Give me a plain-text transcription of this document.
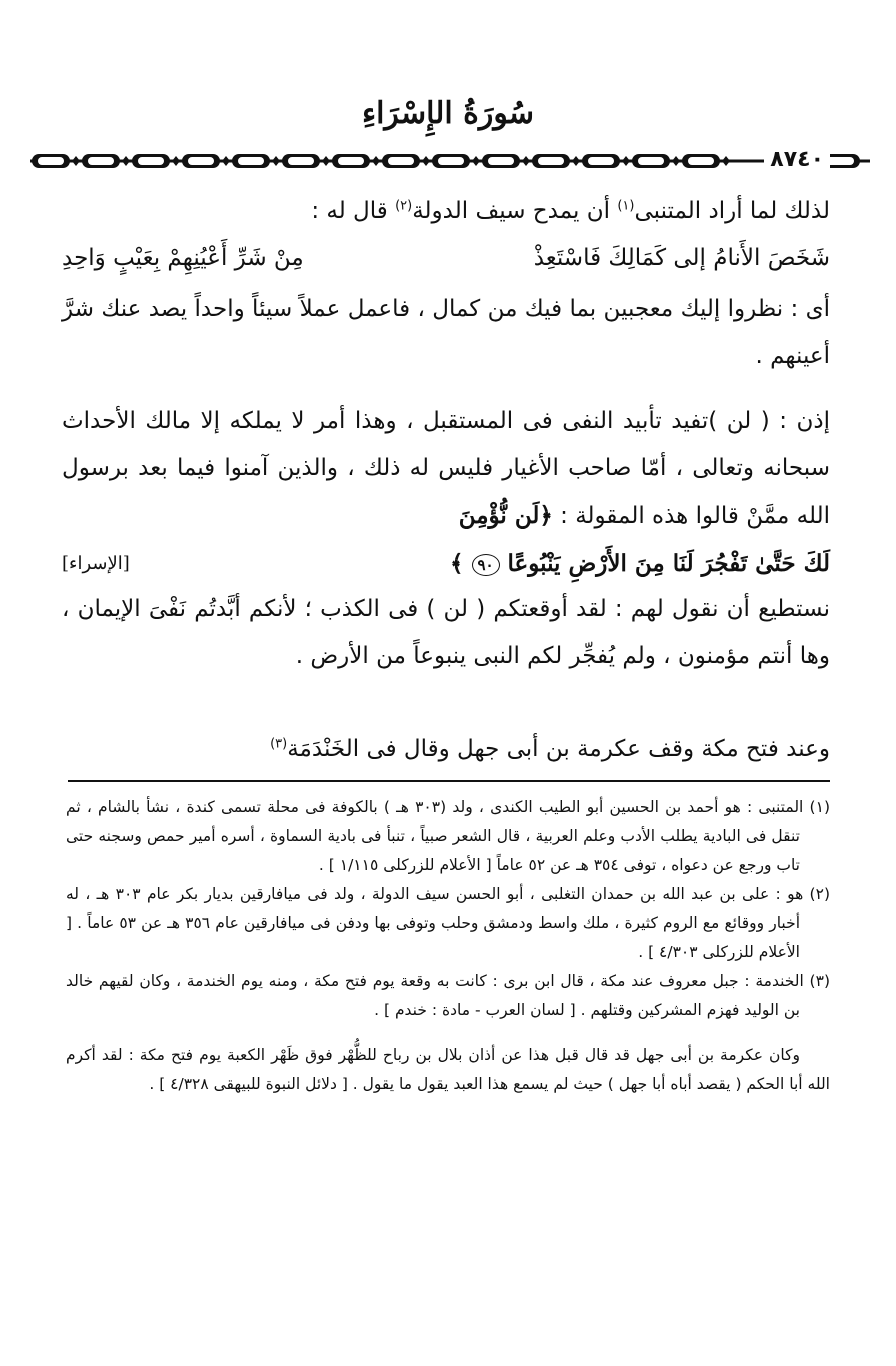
سُورَةُ الإِسْرَاءِ
٨٧٤٠

لذلك لما أراد المتنبى$^{(١)}$ أن يمدح سيف الدولة$^{(٢)}$ قال له :

شَخَصَ الأَنامُ إلى كَمَالِكَ فَاسْتَعِذْ
مِنْ شَرِّ أَعْيُنِهِمْ بِعَيْبٍ وَاحِدِ

أى : نظروا إليك معجبين بما فيك من كمال ، فاعمل عملاً سيئاً واحداً يصد عنك شرَّ أعينهم .

إذن : ( لن )تفيد تأبيد النفى فى المستقبل ، وهذا أمر لا يملكه إلا مالك الأحداث سبحانه وتعالى ، أمّا صاحب الأغيار فليس له ذلك ، والذين آمنوا فيما بعد برسول الله ممَّنْ قالوا هذه المقولة : ﴿لَن نُّؤْمِنَ

لَكَ حَتَّىٰ تَفْجُرَ لَنَا مِنَ الأَرْضِ يَنْبُوعًا ٩٠ ﴾
[الإسراء]

نستطيع أن نقول لهم : لقد أوقعتكم ( لن ) فى الكذب ؛ لأنكم أبَّدتُم نَفْىَ الإيمان ، وها أنتم مؤمنون ، ولم يُفجِّر لكم النبى ينبوعاً من الأرض .

وعند فتح مكة وقف عكرمة بن أبى جهل وقال فى الخَنْدَمَة$^{(٣)}$

(١) المتنبى : هو أحمد بن الحسين أبو الطيب الكندى ، ولد (٣٠٣ هـ ) بالكوفة فى محلة تسمى كندة ، نشأ بالشام ، ثم تنقل فى البادية يطلب الأدب وعلم العربية ، قال الشعر صبياً ، تنبأ فى بادية السماوة ، أسره أمير حمص وسجنه حتى تاب ورجع عن دعواه ، توفى ٣٥٤ هـ عن ٥٢ عاماً [ الأعلام للزركلى ١/١١٥ ] .

(٢) هو : على بن عبد الله بن حمدان التغلبى ، أبو الحسن سيف الدولة ، ولد فى ميافارقين بديار بكر عام ٣٠٣ هـ ، له أخبار ووقائع مع الروم كثيرة ، ملك واسط ودمشق وحلب وتوفى بها ودفن فى ميافارقين عام ٣٥٦ هـ عن ٥٣ عاماً . [ الأعلام للزركلى ٤/٣٠٣ ] .

(٣) الخندمة : جبل معروف عند مكة ، قال ابن برى : كانت به وقعة يوم فتح مكة ، ومنه يوم الخندمة ، وكان لقيهم خالد بن الوليد فهزم المشركين وقتلهم . [ لسان العرب - مادة : خندم ] .

وكان عكرمة بن أبى جهل قد قال قبل هذا عن أذان بلال بن رباح للظُّهْر فوق ظَهْر الكعبة يوم فتح مكة : لقد أكرم الله أبا الحكم ( يقصد أباه أبا جهل ) حيث لم يسمع هذا العبد يقول ما يقول . [ دلائل النبوة للبيهقى ٤/٣٢٨ ] .
